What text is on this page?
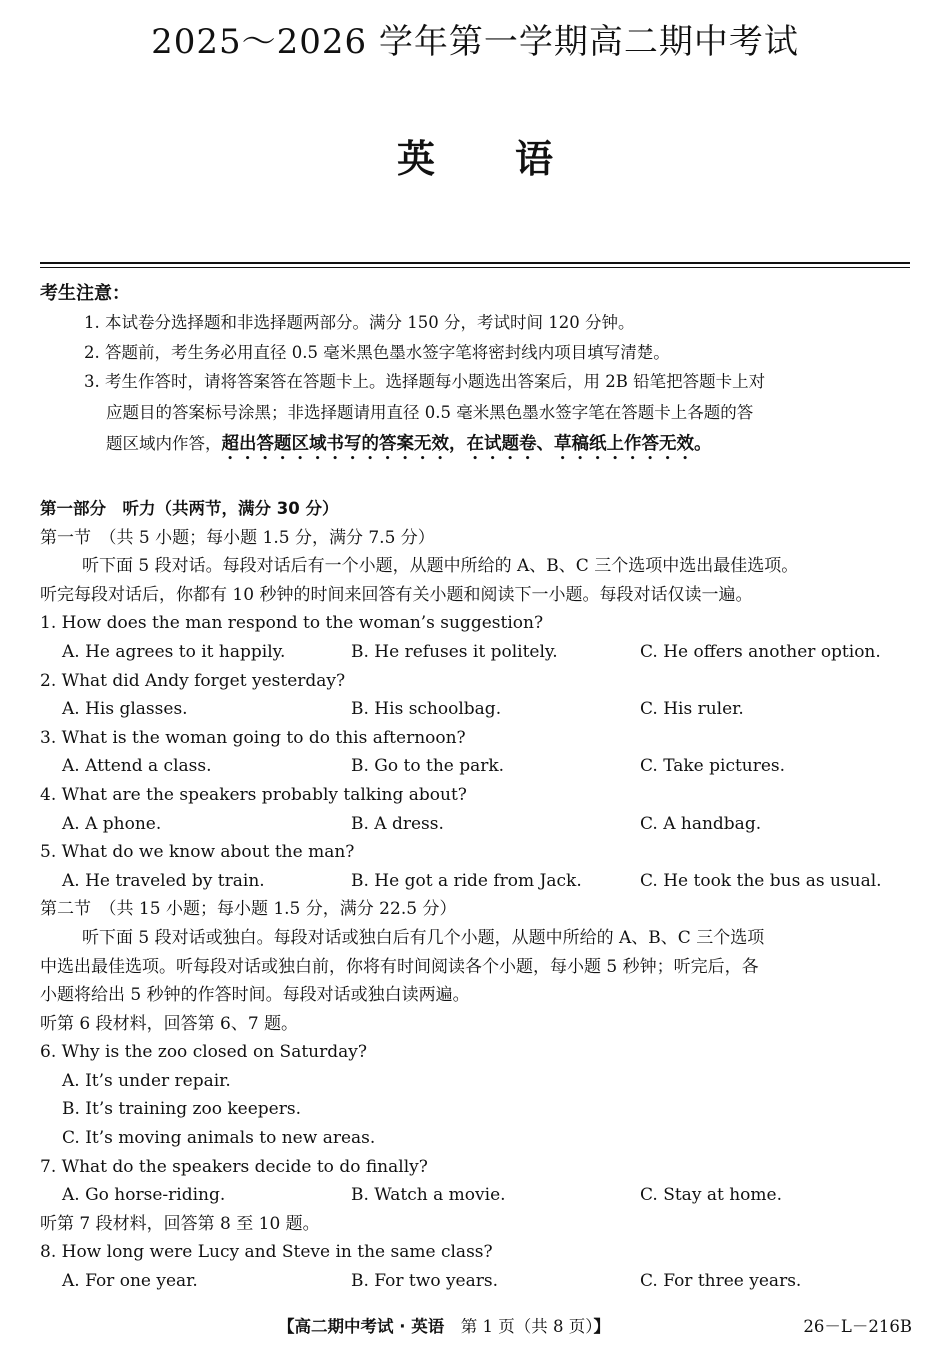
2025～2026 学年第一学期高二期中考试
英语
考生注意：
1. 本试卷分选择题和非选择题两部分。满分 150 分，考试时间 120 分钟。
2. 答题前，考生务必用直径 0.5 毫米黑色墨水签字笔将密封线内项目填写清楚。
3. 考生作答时，请将答案答在答题卡上。选择题每小题选出答案后，用 2B 铅笔把答题卡上对
应题目的答案标号涂黑；非选择题请用直径 0.5 毫米黑色墨水签字笔在答题卡上各题的答
题区域内作答，超出答题区域书写的答案无效，在试题卷、草稿纸上作答无效。
第一部分　听力（共两节，满分 30 分）
第一节　（共 5 小题；每小题 1.5 分，满分 7.5 分）
听下面 5 段对话。每段对话后有一个小题，从题中所给的 A、B、C 三个选项中选出最佳选项。
听完每段对话后，你都有 10 秒钟的时间来回答有关小题和阅读下一小题。每段对话仅读一遍。
1. How does the man respond to the woman’s suggestion?
A. He agrees to it happily.	B. He refuses it politely.	C. He offers another option.
2. What did Andy forget yesterday?
A. His glasses.	B. His schoolbag.	C. His ruler.
3. What is the woman going to do this afternoon?
A. Attend a class.	B. Go to the park.	C. Take pictures.
4. What are the speakers probably talking about?
A. A phone.	B. A dress.	C. A handbag.
5. What do we know about the man?
A. He traveled by train.	B. He got a ride from Jack.	C. He took the bus as usual.
第二节　（共 15 小题；每小题 1.5 分，满分 22.5 分）
听下面 5 段对话或独白。每段对话或独白后有几个小题，从题中所给的 A、B、C 三个选项
中选出最佳选项。听每段对话或独白前，你将有时间阅读各个小题，每小题 5 秒钟；听完后，各
小题将给出 5 秒钟的作答时间。每段对话或独白读两遍。
听第 6 段材料，回答第 6、7 题。
6. Why is the zoo closed on Saturday?
A. It’s under repair.
B. It’s training zoo keepers.
C. It’s moving animals to new areas.
7. What do the speakers decide to do finally?
A. Go horse-riding.	B. Watch a movie.	C. Stay at home.
听第 7 段材料，回答第 8 至 10 题。
8. How long were Lucy and Steve in the same class?
A. For one year.	B. For two years.	C. For three years.
【高二期中考试 · 英语　 第 1 页（共 8 页）】	26－L－216B
